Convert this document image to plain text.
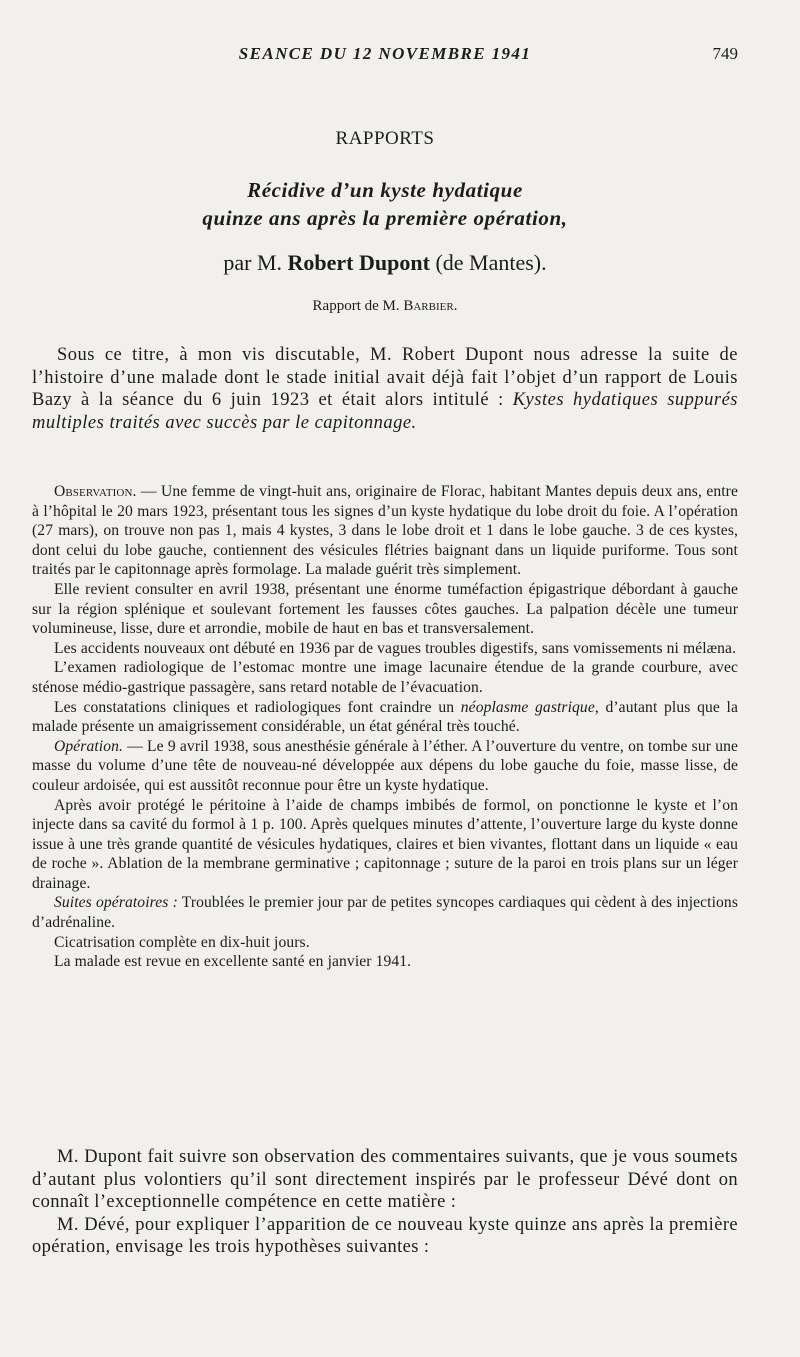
SEANCE DU 12 NOVEMBRE 1941	749
RAPPORTS
Récidive d’un kyste hydatique
quinze ans après la première opération,
par M. Robert Dupont (de Mantes).
Rapport de M. Barbier.

Sous ce titre, à mon vis discutable, M. Robert Dupont nous adresse la suite de l’histoire d’une malade dont le stade initial avait déjà fait l’objet d’un rapport de Louis Bazy à la séance du 6 juin 1923 et était alors intitulé : Kystes hydatiques suppurés multiples traités avec succès par le capitonnage.

Observation. — Une femme de vingt-huit ans, originaire de Florac, habitant Mantes depuis deux ans, entre à l’hôpital le 20 mars 1923, présentant tous les signes d’un kyste hydatique du lobe droit du foie. A l’opération (27 mars), on trouve non pas 1, mais 4 kystes, 3 dans le lobe droit et 1 dans le lobe gauche. 3 de ces kystes, dont celui du lobe gauche, contiennent des vésicules flétries baignant dans un liquide puriforme. Tous sont traités par le capitonnage après formolage. La malade guérit très simplement.

Elle revient consulter en avril 1938, présentant une énorme tuméfaction épigastrique débordant à gauche sur la région splénique et soulevant fortement les fausses côtes gauches. La palpation décèle une tumeur volumineuse, lisse, dure et arrondie, mobile de haut en bas et transversalement.

Les accidents nouveaux ont débuté en 1936 par de vagues troubles digestifs, sans vomissements ni mélæna.

L’examen radiologique de l’estomac montre une image lacunaire étendue de la grande courbure, avec sténose médio-gastrique passagère, sans retard notable de l’évacuation.

Les constatations cliniques et radiologiques font craindre un néoplasme gastrique, d’autant plus que la malade présente un amaigrissement considérable, un état général très touché.

Opération. — Le 9 avril 1938, sous anesthésie générale à l’éther. A l’ouverture du ventre, on tombe sur une masse du volume d’une tête de nouveau-né développée aux dépens du lobe gauche du foie, masse lisse, de couleur ardoisée, qui est aussitôt reconnue pour être un kyste hydatique.

Après avoir protégé le péritoine à l’aide de champs imbibés de formol, on ponctionne le kyste et l’on injecte dans sa cavité du formol à 1 p. 100. Après quelques minutes d’attente, l’ouverture large du kyste donne issue à une très grande quantité de vésicules hydatiques, claires et bien vivantes, flottant dans un liquide « eau de roche ». Ablation de la membrane germinative ; capitonnage ; suture de la paroi en trois plans sur un léger drainage.

Suites opératoires : Troublées le premier jour par de petites syncopes cardiaques qui cèdent à des injections d’adrénaline.

Cicatrisation complète en dix-huit jours.

La malade est revue en excellente santé en janvier 1941.

M. Dupont fait suivre son observation des commentaires suivants, que je vous soumets d’autant plus volontiers qu’il sont directement inspirés par le professeur Dévé dont on connaît l’exceptionnelle compétence en cette matière :

M. Dévé, pour expliquer l’apparition de ce nouveau kyste quinze ans après la première opération, envisage les trois hypothèses suivantes :
